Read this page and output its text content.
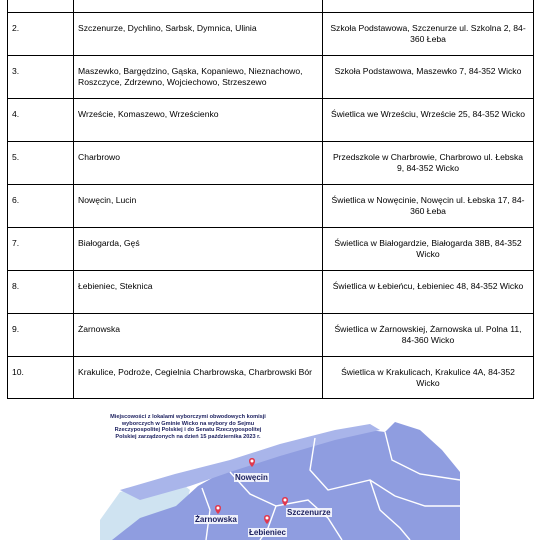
2.	Szczenurze, Dychlino, Sarbsk, Dymnica, Ulinia	Szkoła Podstawowa, Szczenurze ul. Szkolna 2, 84-360 Łeba

3.	Maszewko, Bargędzino, Gąska, Kopaniewo, Nieznachowo, Roszczyce, Zdrzewno, Wojciechowo, Strzeszewo	Szkoła Podstawowa, Maszewko 7, 84-352 Wicko

4.	Wrzeście, Komaszewo, Wrześcienko	Świetlica we Wrześciu, Wrzeście 25, 84-352 Wicko

5.	Charbrowo	Przedszkole w Charbrowie, Charbrowo ul. Łebska 9, 84-352 Wicko

6.	Nowęcin, Lucin	Świetlica w Nowęcinie, Nowęcin ul. Łebska 17, 84-360 Łeba

7.	Białogarda, Gęś	Świetlica w Białogardzie, Białogarda 38B, 84-352 Wicko

8.	Łebieniec, Steknica	Świetlica w Łebieńcu, Łebieniec 48, 84-352 Wicko

9.	Żarnowska	Świetlica w Żarnowskiej, Żarnowska ul. Polna 11, 84-360 Wicko

10.	Krakulice, Podroże, Cegielnia Charbrowska, Charbrowski Bór	Świetlica w Krakulicach, Krakulice 4A, 84-352 Wicko
Miejscowości z lokalami wyborczymi obwodowych komisji wyborczych w Gminie Wicko na wybory do Sejmu Rzeczypospolitej Polskiej i do Senatu Rzeczypospolitej Polskiej zarządzonych na dzień 15 października 2023 r.
Nowęcin
Szczenurze
Żarnowska
Łebieniec
